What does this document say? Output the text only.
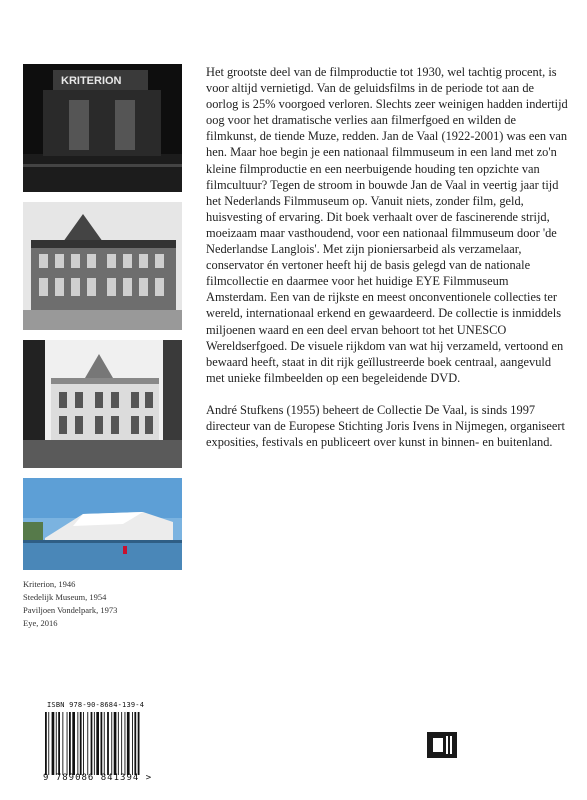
KRITERION
Kriterion, 1946
Stedelijk Museum, 1954
Paviljoen Vondelpark, 1973
Eye, 2016

Het grootste deel van de filmproductie tot 1930, wel tachtig procent, is voor altijd vernietigd. Van de geluidsfilms in de periode tot aan de oorlog is 25% voorgoed verloren. Slechts zeer weinigen hadden indertijd oog voor het dramatische verlies aan filmerfgoed en wilden de filmkunst, de tiende Muze, redden. Jan de Vaal (1922-2001) was een van hen. Maar hoe begin je een nationaal filmmuseum in een land met zo'n kleine filmproductie en een neerbuigende houding ten opzichte van filmcultuur? Tegen de stroom in bouwde Jan de Vaal in veertig jaar tijd het Nederlands Filmmuseum op. Vanuit niets, zonder film, geld, huisvesting of ervaring. Dit boek verhaalt over de fascinerende strijd, moeizaam maar vasthoudend, voor een nationaal filmmuseum door 'de Nederlandse Langlois'. Met zijn pioniersarbeid als verzamelaar, conservator én vertoner heeft hij de basis gelegd van de nationale filmcollectie en daarmee voor het huidige EYE Filmmuseum Amsterdam. Een van de rijkste en meest onconventionele collecties ter wereld, internationaal erkend en gewaardeerd. De collectie is inmiddels miljoenen waard en een deel ervan behoort tot het UNESCO Wereldserfgoed. De visuele rijkdom van wat hij verzameld, vertoond en bewaard heeft, staat in dit rijk geïllustreerde boek centraal, aangevuld met unieke filmbeelden op een begeleidende DVD.

André Stufkens (1955) beheert de Collectie De Vaal, is sinds 1997 directeur van de Europese Stichting Joris Ivens in Nijmegen, organiseert exposities, festivals en publiceert over kunst in binnen- en buitenland.

ISBN 978-90-8684-139-4
9 789086 841394 >
